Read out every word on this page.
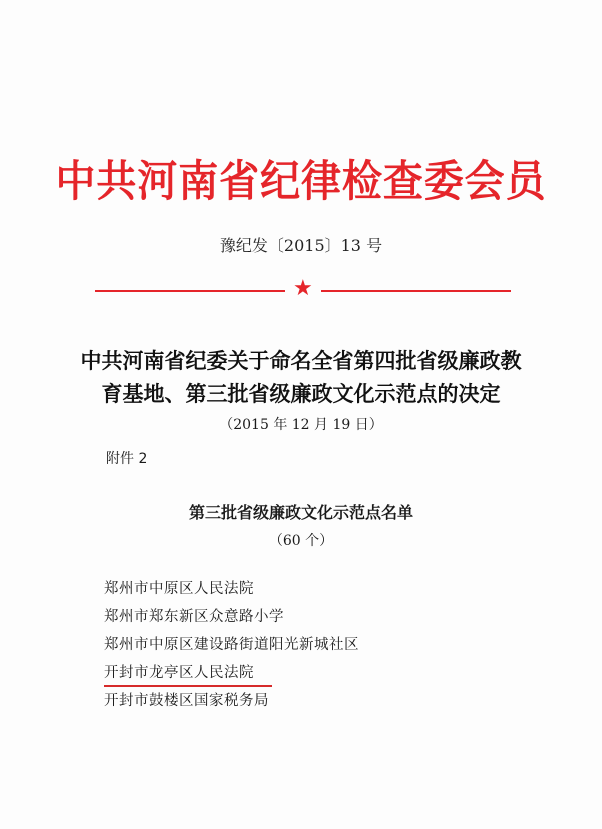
中共河南省纪律检查委会员
豫纪发〔2015〕13 号
★
中共河南省纪委关于命名全省第四批省级廉政教
育基地、第三批省级廉政文化示范点的决定
（2015 年 12 月 19 日）
附件 2
第三批省级廉政文化示范点名单
（60 个）
郑州市中原区人民法院
郑州市郑东新区众意路小学
郑州市中原区建设路街道阳光新城社区
开封市龙亭区人民法院
开封市鼓楼区国家税务局
